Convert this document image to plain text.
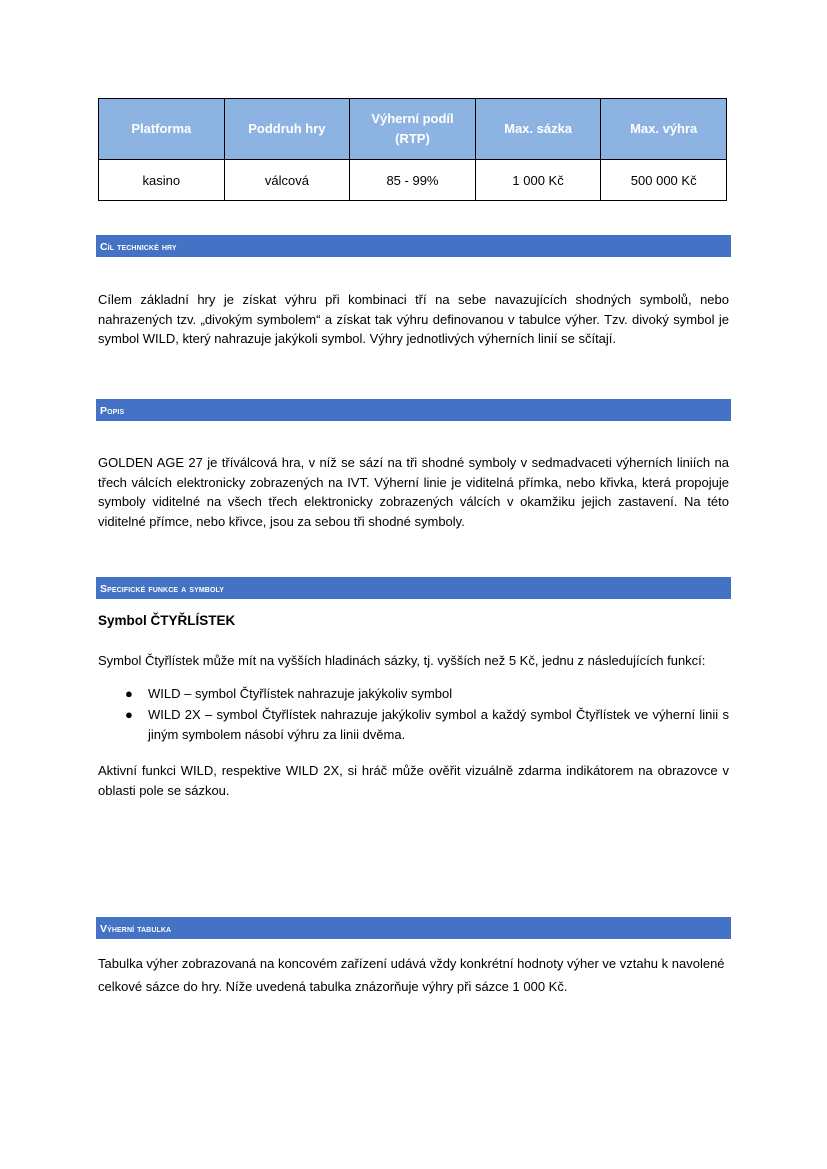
Platforma	Poddruh hry	Výherní podíl (RTP)	Max. sázka	Max. výhra
kasino	válcová	85 - 99%	1 000 Kč	500 000 Kč
Cíl technické hry
Cílem základní hry je získat výhru při kombinaci tří na sebe navazujících shodných symbolů, nebo nahrazených tzv. „divokým symbolem“ a získat tak výhru definovanou v tabulce výher. Tzv. divoký symbol je symbol WILD, který nahrazuje jakýkoli symbol. Výhry jednotlivých výherních linií se sčítají.
Popis
GOLDEN AGE 27 je tříválcová hra, v níž se sází na tři shodné symboly v sedmadvaceti výherních liniích na třech válcích elektronicky zobrazených na IVT. Výherní linie je viditelná přímka, nebo křivka, která propojuje symboly viditelné na všech třech elektronicky zobrazených válcích v okamžiku jejich zastavení. Na této viditelné přímce, nebo křivce, jsou za sebou tři shodné symboly.
Specifické funkce a symboly
Symbol ČTYŘLÍSTEK
Symbol Čtyřlístek může mít na vyšších hladinách sázky, tj. vyšších než 5 Kč, jednu z následujících funkcí:
● WILD – symbol Čtyřlístek nahrazuje jakýkoliv symbol
● WILD 2X – symbol Čtyřlístek nahrazuje jakýkoliv symbol a každý symbol Čtyřlístek ve výherní linii s jiným symbolem násobí výhru za linii dvěma.
Aktivní funkci WILD, respektive WILD 2X, si hráč může ověřit vizuálně zdarma indikátorem na obrazovce v oblasti pole se sázkou.
Výherní tabulka
Tabulka výher zobrazovaná na koncovém zařízení udává vždy konkrétní hodnoty výher ve vztahu k navolené celkové sázce do hry. Níže uvedená tabulka znázorňuje výhry při sázce 1 000 Kč.
